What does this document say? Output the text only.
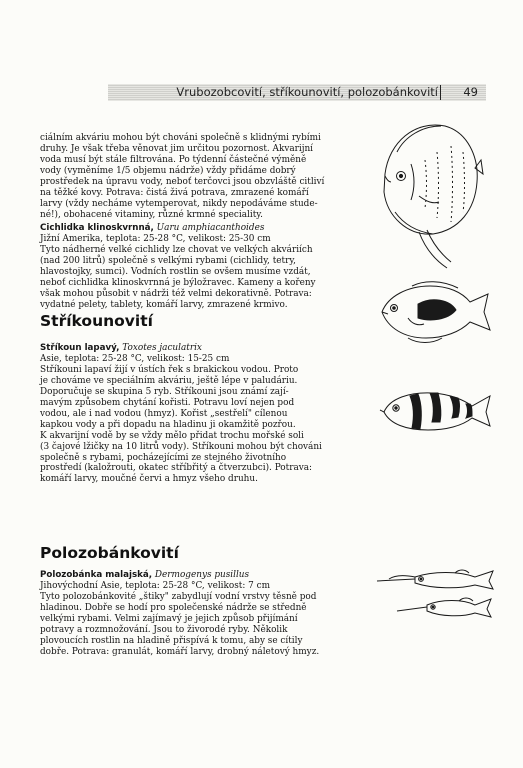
Vrubozobcovití, stříkounovití, polozobánkovití 49
ciálním akváriu mohou být chováni společně s klidnými rybími
druhy. Je však třeba věnovat jim určitou pozornost. Akvarijní
voda musí být stále filtrována. Po týdenní částečné výměně
vody (vyměníme 1/5 objemu nádrže) vždy přidáme dobrý
prostředek na úpravu vody, neboť terčovci jsou obzvláště citliví
na těžké kovy. Potrava: čistá živá potrava, zmrazené komáří
larvy (vždy necháme vytemperovat, nikdy nepodáváme stude-
né!), obohacené vitaminy, různé krmné speciality.
Cichlidka klinoskvrnná, Uaru amphiacanthoides
Jižní Amerika, teplota: 25-28 °C, velikost: 25-30 cm
Tyto nádherné velké cichlidy lze chovat ve velkých akváriích
(nad 200 litrů) společně s velkými rybami (cichlidy, tetry,
hlavostojky, sumci). Vodních rostlin se ovšem musíme vzdát,
neboť cichlidka klinoskvrnná je býložravec. Kameny a kořeny
však mohou působit v nádrži též velmi dekorativně. Potrava:
vydatné pelety, tablety, komáří larvy, zmrazené krmivo.
Stříkounovití
Stříkoun lapavý, Toxotes jaculatrix
Asie, teplota: 25-28 °C, velikost: 15-25 cm
Stříkouni lapaví žijí v ústích řek s brakickou vodou. Proto
je chováme ve speciálním akváriu, ještě lépe v paludáriu.
Doporučuje se skupina 5 ryb. Stříkouni jsou známí zají-
mavým způsobem chytání kořisti. Potravu loví nejen pod
vodou, ale i nad vodou (hmyz). Kořist „sestřelí" cílenou
kapkou vody a při dopadu na hladinu ji okamžitě pozřou.
K akvarijní vodě by se vždy mělo přidat trochu mořské soli
(3 čajové lžičky na 10 litrů vody). Stříkouni mohou být chováni
společně s rybami, pocházejícími ze stejného životního
prostředí (kaložrouti, okatec stříbřitý a čtverzubci). Potrava:
komáří larvy, moučné červi a hmyz všeho druhu.
Polozobánkovití
Polozobánka malajská, Dermogenys pusillus
Jihovýchodní Asie, teplota: 25-28 °C, velikost: 7 cm
Tyto polozobánkovité „štiky" zabydlují vodní vrstvy těsně pod
hladinou. Dobře se hodí pro společenské nádrže se středně
velkými rybami. Velmi zajímavý je jejich způsob přijímání
potravy a rozmnožování. Jsou to živorodé ryby. Několik
plovoucích rostlin na hladině přispívá k tomu, aby se cítily
dobře. Potrava: granulát, komáří larvy, drobný náletový hmyz.
